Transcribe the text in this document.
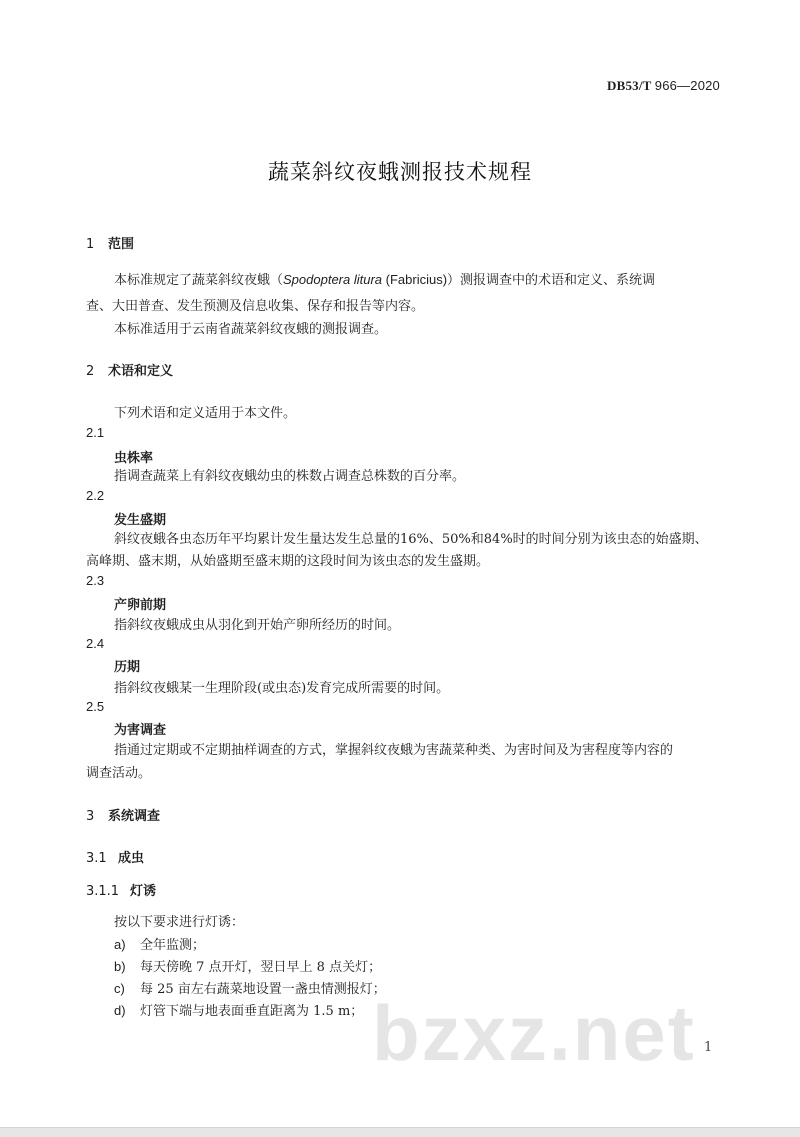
DB53/T 966—2020
蔬菜斜纹夜蛾测报技术规程
1 范围
本标准规定了蔬菜斜纹夜蛾（Spodoptera litura (Fabricius)）测报调查中的术语和定义、系统调
查、大田普查、发生预测及信息收集、保存和报告等内容。
本标准适用于云南省蔬菜斜纹夜蛾的测报调查。
2 术语和定义
下列术语和定义适用于本文件。
2.1
虫株率
指调查蔬菜上有斜纹夜蛾幼虫的株数占调查总株数的百分率。
2.2
发生盛期
斜纹夜蛾各虫态历年平均累计发生量达发生总量的16%、50%和84%时的时间分别为该虫态的始盛期、
高峰期、盛末期，从始盛期至盛末期的这段时间为该虫态的发生盛期。
2.3
产卵前期
指斜纹夜蛾成虫从羽化到开始产卵所经历的时间。
2.4
历期
指斜纹夜蛾某一生理阶段(或虫态)发育完成所需要的时间。
2.5
为害调查
指通过定期或不定期抽样调查的方式，掌握斜纹夜蛾为害蔬菜种类、为害时间及为害程度等内容的
调查活动。
3 系统调查
3.1 成虫
3.1.1 灯诱
按以下要求进行灯诱：
a) 全年监测；
b) 每天傍晚 7 点开灯，翌日早上 8 点关灯；
c) 每 25 亩左右蔬菜地设置一盏虫情测报灯；
d) 灯管下端与地表面垂直距离为 1.5 m； bzxz.net 1
